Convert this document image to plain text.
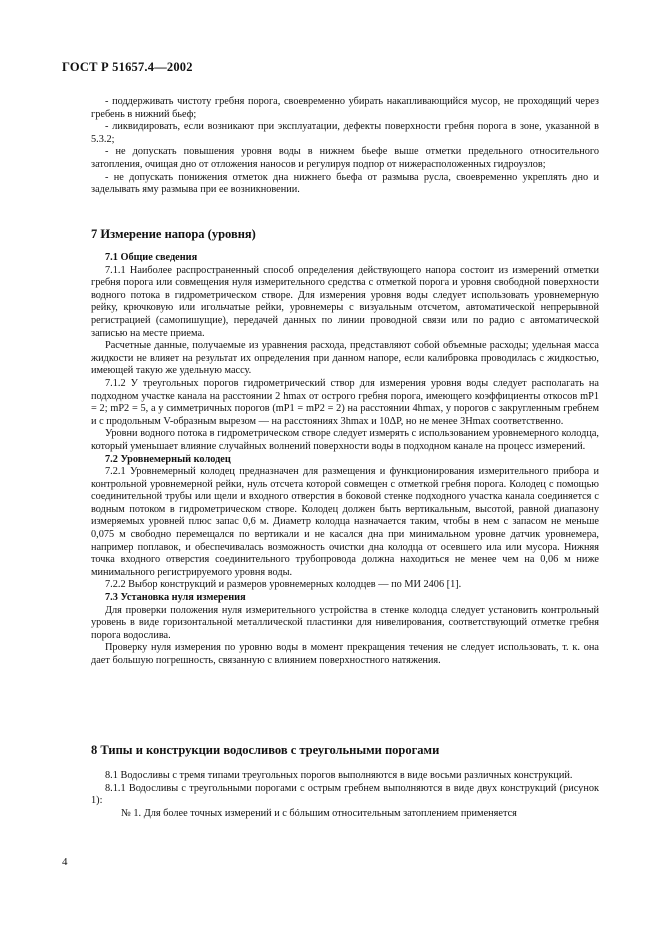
ГОСТ Р 51657.4—2002

- поддерживать чистоту гребня порога, своевременно убирать накапливающийся мусор, не проходящий через гребень в нижний бьеф;

- ликвидировать, если возникают при эксплуатации, дефекты поверхности гребня порога в зоне, указанной в 5.3.2;

- не допускать повышения уровня воды в нижнем бьефе выше отметки предельного относительного затопления, очищая дно от отложения наносов и регулируя подпор от нижерасположенных гидроузлов;

- не допускать понижения отметок дна нижнего бьефа от размыва русла, своевременно укреплять дно и заделывать яму размыва при ее возникновении.

7 Измерение напора (уровня)

7.1 Общие сведения

7.1.1 Наиболее распространенный способ определения действующего напора состоит из измерений отметки гребня порога или совмещения нуля измерительного средства с отметкой порога и уровня свободной поверхности водного потока в гидрометрическом створе. Для измерения уровня воды следует использовать уровнемерную рейку, крючковую или игольчатые рейки, уровнемеры с визуальным отсчетом, автоматической непрерывной регистрацией (самопишущие), передачей данных по линии проводной связи или по радио с автоматической записью на месте приема.

Расчетные данные, получаемые из уравнения расхода, представляют собой объемные расходы; удельная масса жидкости не влияет на результат их определения при данном напоре, если калибровка проводилась с жидкостью, имеющей такую же удельную массу.

7.1.2 У треугольных порогов гидрометрический створ для измерения уровня воды следует располагать на подходном участке канала на расстоянии 2 hmax от острого гребня порога, имеющего коэффициенты откосов mP1 = 2; mP2 = 5, а у симметричных порогов (mP1 = mP2 = 2) на расстоянии 4hmax, у порогов с закругленным гребнем и с продольным V-образным вырезом — на расстояниях 3hmax и 10ΔP, но не менее 3Hmax соответственно.

Уровни водного потока в гидрометрическом створе следует измерять с использованием уровнемерного колодца, который уменьшает влияние случайных волнений поверхности воды в подходном канале на процесс измерений.

7.2 Уровнемерный колодец

7.2.1 Уровнемерный колодец предназначен для размещения и функционирования измерительного прибора и контрольной уровнемерной рейки, нуль отсчета которой совмещен с отметкой гребня порога. Колодец с помощью соединительной трубы или щели и входного отверстия в боковой стенке подходного участка канала соединяется с водным потоком в гидрометрическом створе. Колодец должен быть вертикальным, высотой, равной диапазону измеряемых уровней плюс запас 0,6 м. Диаметр колодца назначается таким, чтобы в нем с запасом не меньше 0,075 м свободно перемещался по вертикали и не касался дна при минимальном уровне датчик уровнемера, например поплавок, и обеспечивалась возможность очистки дна колодца от осевшего ила или мусора. Нижняя точка входного отверстия соединительного трубопровода должна находиться не менее чем на 0,06 м ниже минимального регистрируемого уровня воды.

7.2.2 Выбор конструкций и размеров уровнемерных колодцев — по МИ 2406 [1].

7.3 Установка нуля измерения

Для проверки положения нуля измерительного устройства в стенке колодца следует установить контрольный уровень в виде горизонтальной металлической пластинки для нивелирования, соответствующий отметке гребня порога водослива.

Проверку нуля измерения по уровню воды в момент прекращения течения не следует использовать, т. к. она дает большую погрешность, связанную с влиянием поверхностного натяжения.

8 Типы и конструкции водосливов с треугольными порогами

8.1 Водосливы с тремя типами треугольных порогов выполняются в виде восьми различных конструкций.

8.1.1 Водосливы с треугольными порогами с острым гребнем выполняются в виде двух конструкций (рисунок 1):

№ 1. Для более точных измерений и с бóльшим относительным затоплением применяется

4
